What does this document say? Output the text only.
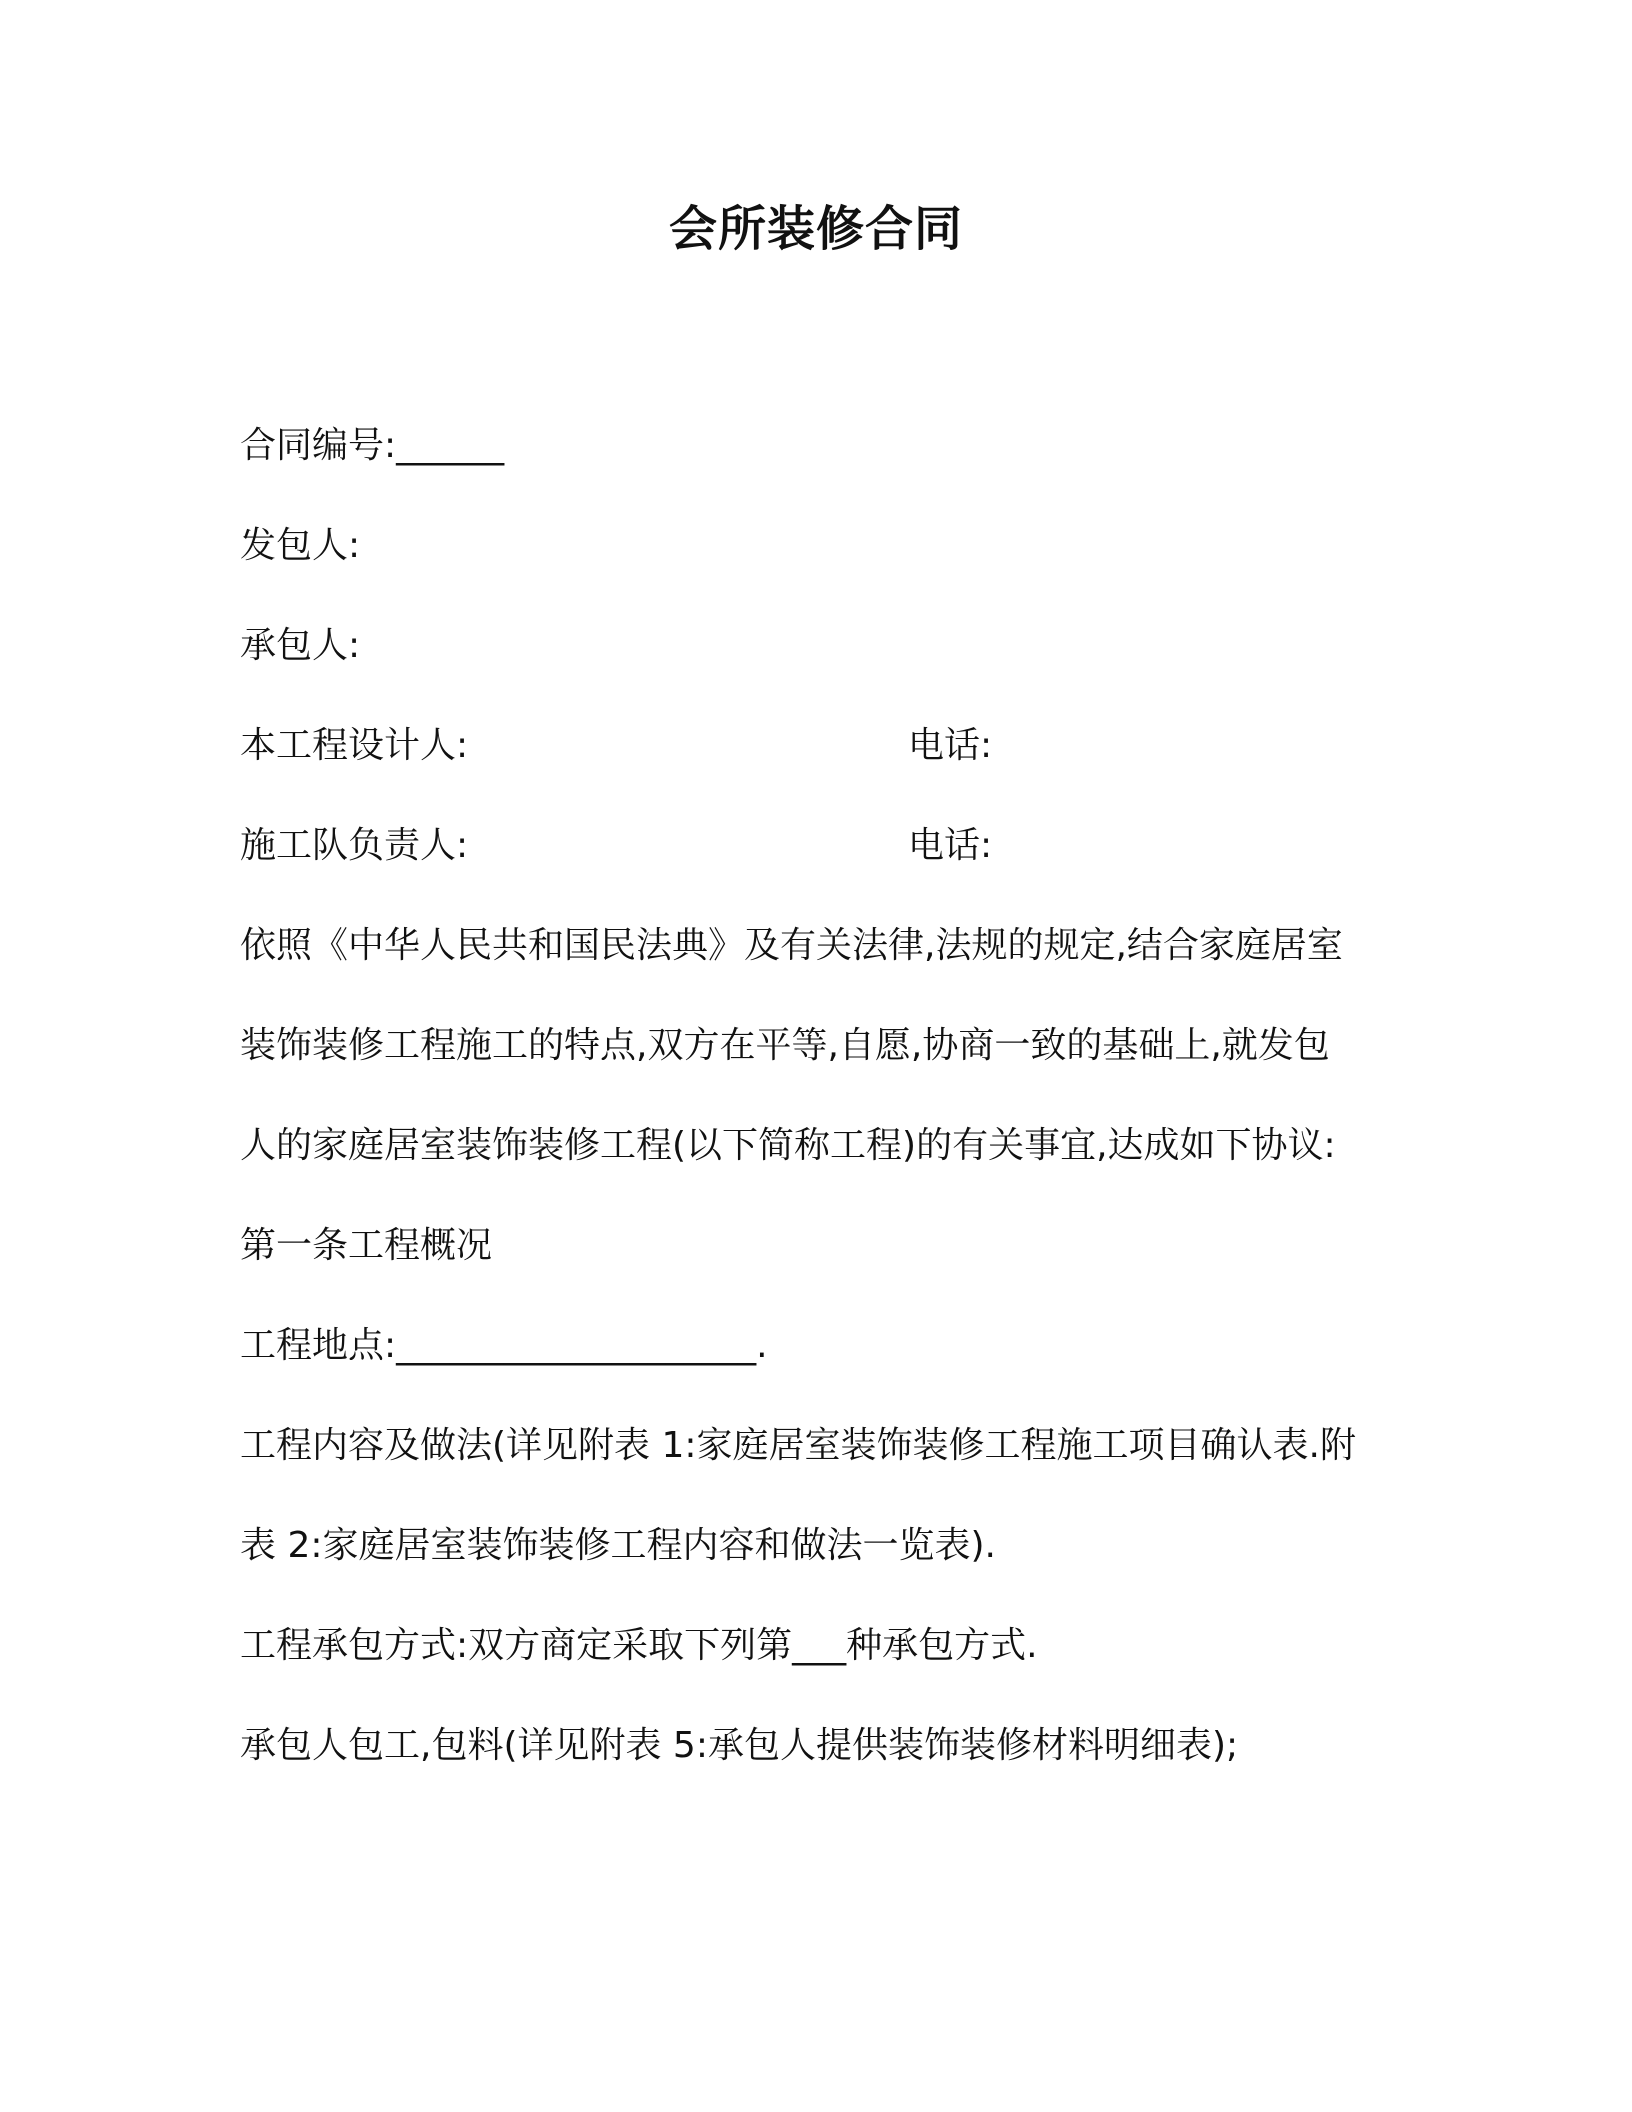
会所装修合同
合同编号:______
发包人:
承包人:
本工程设计人:	电话:
施工队负责人:	电话:
依照《中华人民共和国民法典》及有关法律,法规的规定,结合家庭居室
装饰装修工程施工的特点,双方在平等,自愿,协商一致的基础上,就发包
人的家庭居室装饰装修工程(以下简称工程)的有关事宜,达成如下协议:
第一条工程概况
工程地点:____________________.
工程内容及做法(详见附表 1:家庭居室装饰装修工程施工项目确认表.附
表 2:家庭居室装饰装修工程内容和做法一览表).
工程承包方式:双方商定采取下列第___种承包方式.
承包人包工,包料(详见附表 5:承包人提供装饰装修材料明细表);
